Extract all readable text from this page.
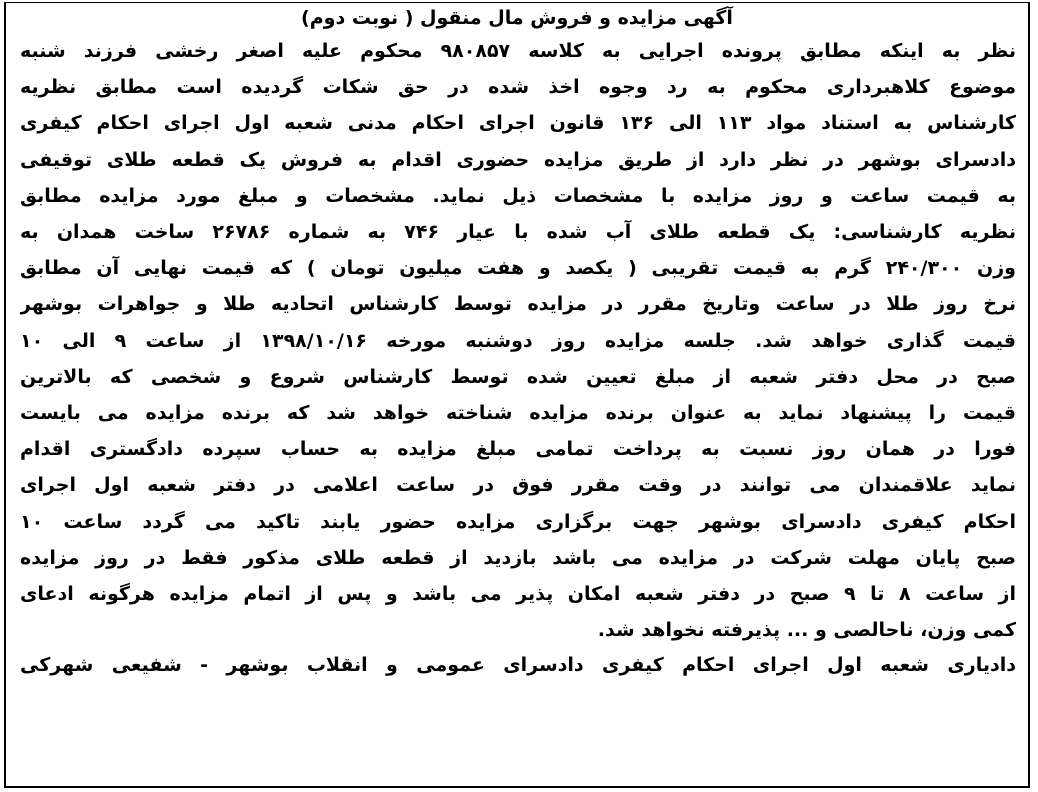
آگهی مزایده و فروش مال منقول ( نوبت دوم)
نظر به اینکه مطابق پرونده اجرایی به کلاسه ۹۸۰۸۵۷ محکوم علیه اصغر رخشی فرزند شنبه
موضوع کلاهبرداری محکوم به رد وجوه اخذ شده در حق شکات گردیده است مطابق نظریه
کارشناس به استناد مواد ۱۱۳ الی ۱۳۶ قانون اجرای احکام مدنی شعبه اول اجرای احکام کیفری
دادسرای بوشهر در نظر دارد از طریق مزایده حضوری اقدام به فروش یک قطعه طلای توقیفی
به قیمت ساعت و روز مزایده با مشخصات ذیل نماید. مشخصات و مبلغ مورد مزایده مطابق
نظریه کارشناسی: یک قطعه طلای آب شده با عیار ۷۴۶ به شماره ۲۶۷۸۶ ساخت همدان به
وزن ۲۴۰/۳۰۰ گرم به قیمت تقریبی ( یکصد و هفت میلیون تومان ) که قیمت نهایی آن مطابق
نرخ روز طلا در ساعت وتاریخ مقرر در مزایده توسط کارشناس اتحادیه طلا و جواهرات بوشهر
قیمت گذاری خواهد شد. جلسه مزایده روز دوشنبه مورخه ۱۳۹۸/۱۰/۱۶ از ساعت ۹ الی ۱۰
صبح در محل دفتر شعبه از مبلغ تعیین شده توسط کارشناس شروع و شخصی که بالاترین
قیمت را پیشنهاد نماید به عنوان برنده مزایده شناخته خواهد شد که برنده مزایده می بایست
فورا در همان روز نسبت به پرداخت تمامی مبلغ مزایده به حساب سپرده دادگستری اقدام
نماید علاقمندان می توانند در وقت مقرر فوق در ساعت اعلامی در دفتر شعبه اول اجرای
احکام کیفری دادسرای بوشهر جهت برگزاری مزایده حضور یابند تاکید می گردد ساعت ۱۰
صبح پایان مهلت شرکت در مزایده می باشد بازدید از قطعه طلای مذکور فقط در روز مزایده
از ساعت ۸ تا ۹ صبح در دفتر شعبه امکان پذیر می باشد و پس از اتمام مزایده هرگونه ادعای
کمی وزن، ناحالصی و ... پذیرفته نخواهد شد.
دادیاری شعبه اول اجرای احکام کیفری دادسرای عمومی و انقلاب بوشهر - شفیعی شهرکی
